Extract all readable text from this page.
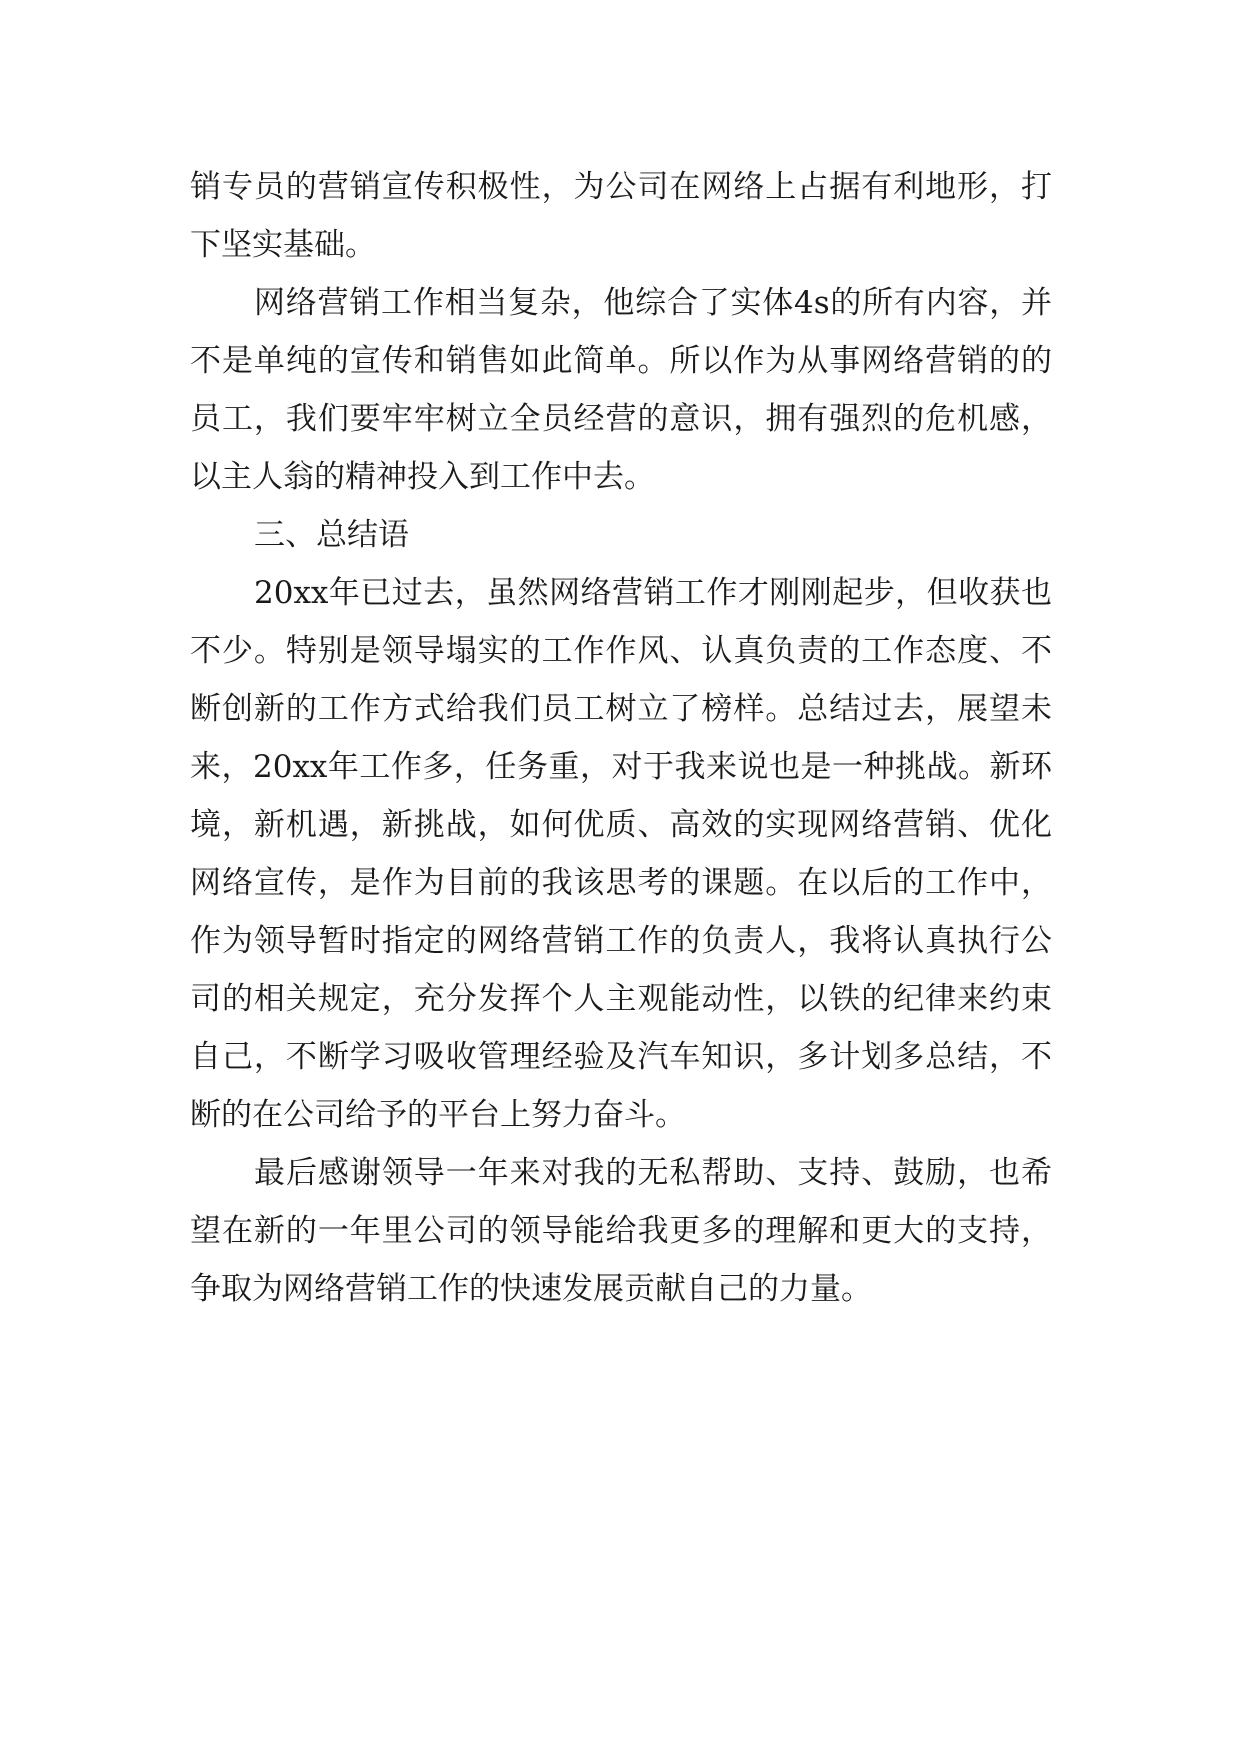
销专员的营销宣传积极性，为公司在网络上占据有利地形，打下坚实基础。

网络营销工作相当复杂，他综合了实体4s的所有内容，并不是单纯的宣传和销售如此简单。所以作为从事网络营销的的员工，我们要牢牢树立全员经营的意识，拥有强烈的危机感，以主人翁的精神投入到工作中去。

三、总结语

20xx年已过去，虽然网络营销工作才刚刚起步，但收获也不少。特别是领导塌实的工作作风、认真负责的工作态度、不断创新的工作方式给我们员工树立了榜样。总结过去，展望未来，20xx年工作多，任务重，对于我来说也是一种挑战。新环境，新机遇，新挑战，如何优质、高效的实现网络营销、优化网络宣传，是作为目前的我该思考的课题。在以后的工作中，作为领导暂时指定的网络营销工作的负责人，我将认真执行公司的相关规定，充分发挥个人主观能动性，以铁的纪律来约束自己，不断学习吸收管理经验及汽车知识，多计划多总结，不断的在公司给予的平台上努力奋斗。

最后感谢领导一年来对我的无私帮助、支持、鼓励，也希望在新的一年里公司的领导能给我更多的理解和更大的支持，争取为网络营销工作的快速发展贡献自己的力量。
